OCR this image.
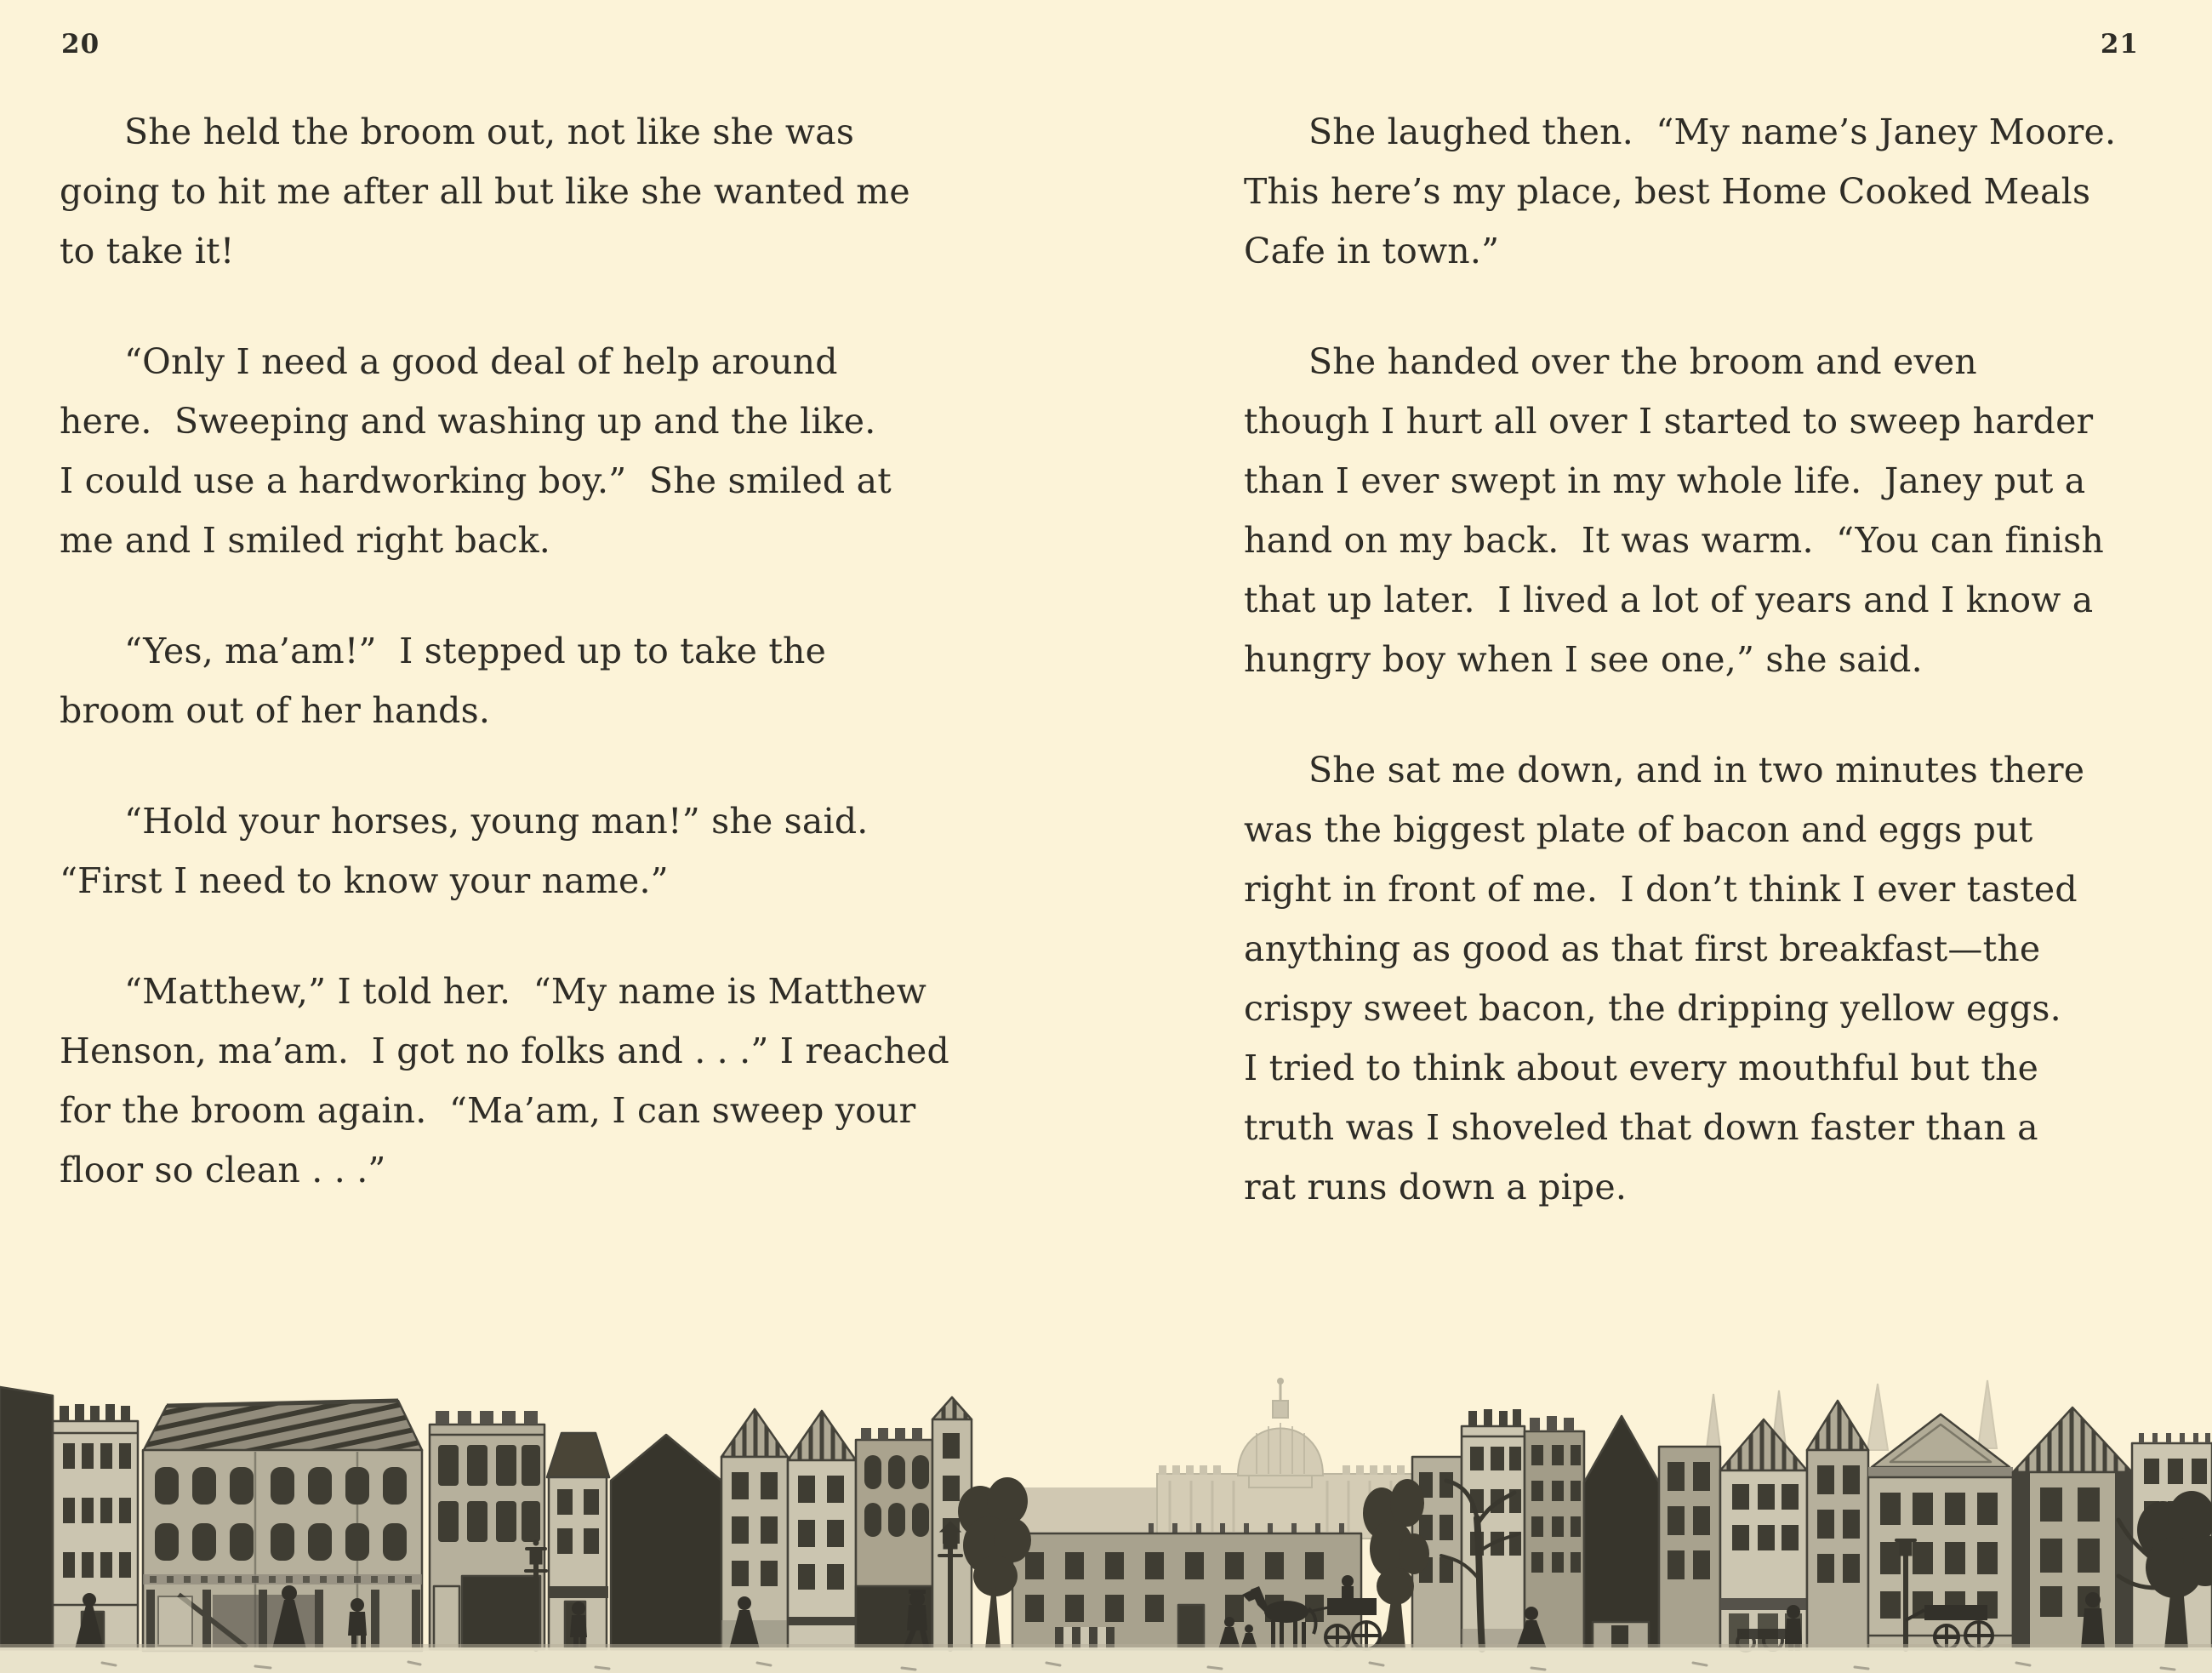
20	21
She held the broom out, not like she was
going to hit me after all but like she wanted me
to take it!
“Only I need a good deal of help around
here.  Sweeping and washing up and the like.
I could use a hardworking boy.”  She smiled at
me and I smiled right back.
“Yes, ma’am!”  I stepped up to take the
broom out of her hands.
“Hold your horses, young man!” she said.
“First I need to know your name.”
“Matthew,” I told her.  “My name is Matthew
Henson, ma’am.  I got no folks and . . .” I reached
for the broom again.  “Ma’am, I can sweep your
floor so clean . . .”
She laughed then.  “My name’s Janey Moore.
This here’s my place, best Home Cooked Meals
Cafe in town.”
She handed over the broom and even
though I hurt all over I started to sweep harder
than I ever swept in my whole life.  Janey put a
hand on my back.  It was warm.  “You can finish
that up later.  I lived a lot of years and I know a
hungry boy when I see one,” she said.
She sat me down, and in two minutes there
was the biggest plate of bacon and eggs put
right in front of me.  I don’t think I ever tasted
anything as good as that first breakfast—the
crispy sweet bacon, the dripping yellow eggs.
I tried to think about every mouthful but the
truth was I shoveled that down faster than a
rat runs down a pipe.
